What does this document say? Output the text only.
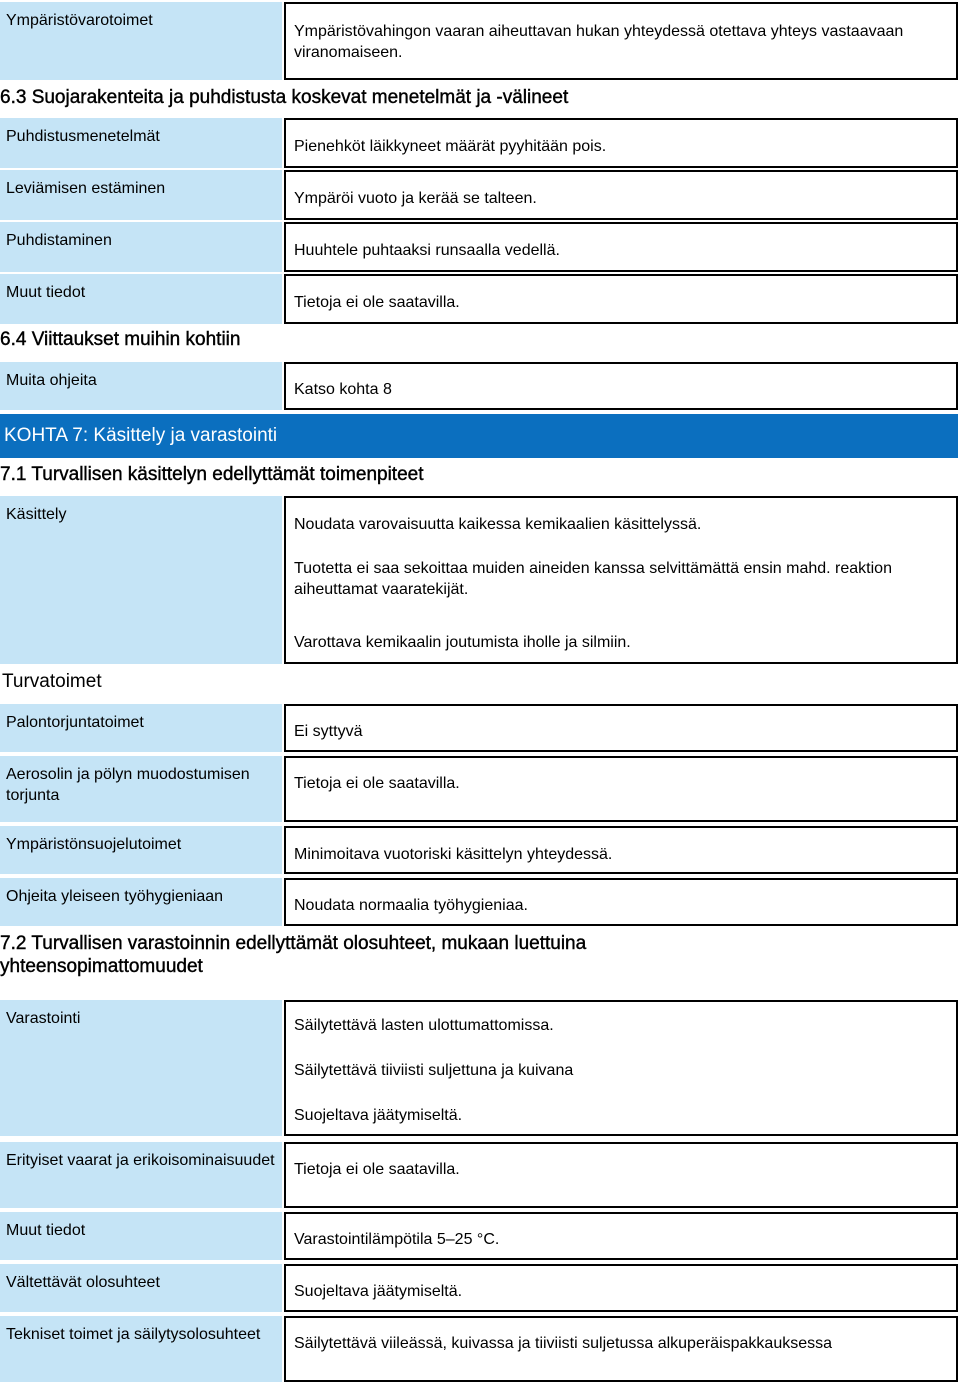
Ympäristövarotoimet
Ympäristövahingon vaaran aiheuttavan hukan yhteydessä otettava yhteys vastaavaan viranomaiseen.
6.3 Suojarakenteita ja puhdistusta koskevat menetelmät ja -välineet
Puhdistusmenetelmät
Pienehköt läikkyneet määrät pyyhitään pois.
Leviämisen estäminen
Ympäröi vuoto ja kerää se talteen.
Puhdistaminen
Huuhtele puhtaaksi runsaalla vedellä.
Muut tiedot
Tietoja ei ole saatavilla.
6.4 Viittaukset muihin kohtiin
Muita ohjeita
Katso kohta 8
KOHTA 7: Käsittely ja varastointi
7.1 Turvallisen käsittelyn edellyttämät toimenpiteet
Käsittely
Noudata varovaisuutta kaikessa kemikaalien käsittelyssä.
Tuotetta ei saa sekoittaa muiden aineiden kanssa selvittämättä ensin mahd. reaktion aiheuttamat vaaratekijät.
Varottava kemikaalin joutumista iholle ja silmiin.
Turvatoimet
Palontorjuntatoimet
Ei syttyvä
Aerosolin ja pölyn muodostumisen torjunta
Tietoja ei ole saatavilla.
Ympäristönsuojelutoimet
Minimoitava vuotoriski käsittelyn yhteydessä.
Ohjeita yleiseen työhygieniaan
Noudata normaalia työhygieniaa.
7.2 Turvallisen varastoinnin edellyttämät olosuhteet, mukaan luettuina yhteensopimattomuudet
Varastointi	Säilytettävä lasten ulottumattomissa.
Säilytettävä tiiviisti suljettuna ja kuivana
Suojeltava jäätymiseltä.
Erityiset vaarat ja erikoisominaisuudet
Tietoja ei ole saatavilla.
Muut tiedot
Varastointilämpötila 5–25 °C.
Vältettävät olosuhteet
Suojeltava jäätymiseltä.
Tekniset toimet ja säilytysolosuhteet
Säilytettävä viileässä, kuivassa ja tiiviisti suljetussa alkuperäispakkauksessa
